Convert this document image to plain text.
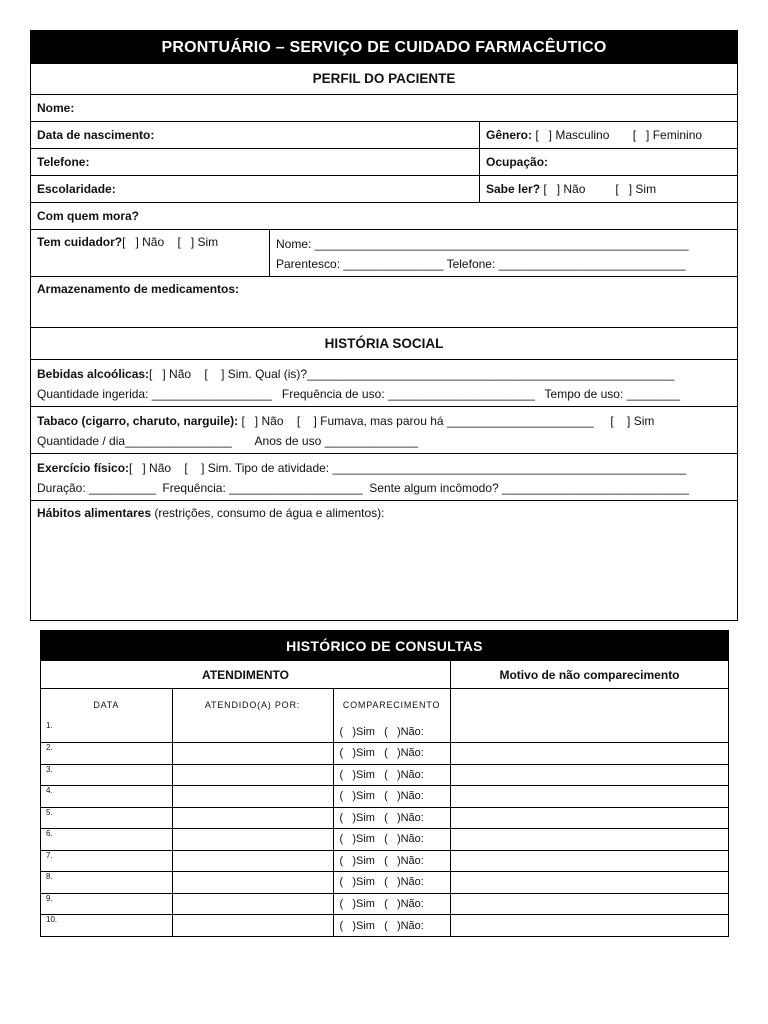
PRONTUÁRIO – SERVIÇO DE CUIDADO FARMACÊUTICO
PERFIL DO PACIENTE
Nome:
Data de nascimento:	Gênero: [   ] Masculino       [   ] Feminino
Telefone:	Ocupação:
Escolaridade:	Sabe ler? [   ] Não         [   ] Sim
Com quem mora?
Tem cuidador? [   ] Não    [   ] Sim	Nome: ________________________________________________________
Parentesco: _______________ Telefone: ____________________________
Armazenamento de medicamentos:
HISTÓRIA SOCIAL
Bebidas alcoólicas:[   ] Não    [    ] Sim. Qual (is)?_______________________________________________________
Quantidade ingerida: __________________   Frequência de uso: ______________________   Tempo de uso: ________
Tabaco (cigarro, charuto, narguile): [   ] Não    [    ] Fumava, mas parou há ______________________     [    ] Sim
Quantidade / dia________________       Anos de uso ______________
Exercício físico:[   ] Não    [    ] Sim. Tipo de atividade: _____________________________________________________
Duração: __________  Frequência: ____________________  Sente algum incômodo? ____________________________
Hábitos alimentares (restrições, consumo de água e alimentos):
HISTÓRICO DE CONSULTAS
ATENDIMENTO	Motivo de não comparecimento
DATA	ATENDIDO(A) POR:	COMPARECIMENTO	

1.		(   )Sim   (   )Não:	

2.		(   )Sim   (   )Não:	

3.		(   )Sim   (   )Não:	

4.		(   )Sim   (   )Não:	

5.		(   )Sim   (   )Não:	

6.		(   )Sim   (   )Não:	

7.		(   )Sim   (   )Não:	

8.		(   )Sim   (   )Não:	

9.		(   )Sim   (   )Não:	

10.		(   )Sim   (   )Não:	
